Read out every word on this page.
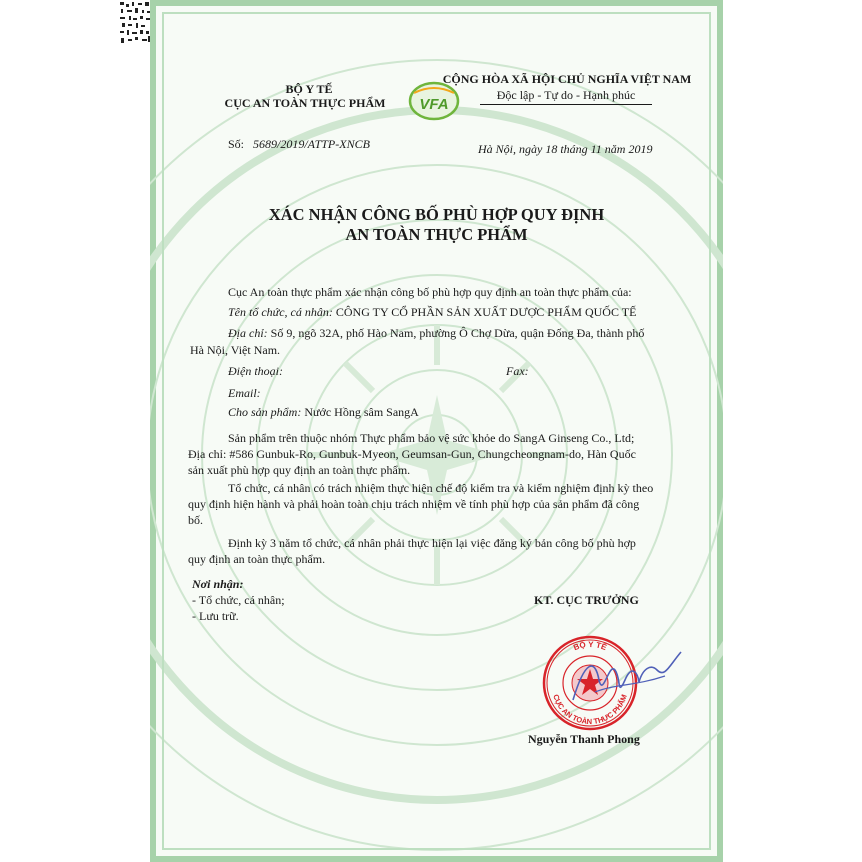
VFA
BỘ Y TẾ
CỤC AN TOÀN THỰC PHẨM
CỘNG HÒA XÃ HỘI CHỦ NGHĨA VIỆT NAM
Độc lập - Tự do - Hạnh phúc
Số: 5689/2019/ATTP-XNCB	Hà Nội, ngày 18 tháng 11 năm 2019
XÁC NHẬN CÔNG BỐ PHÙ HỢP QUY ĐỊNH
AN TOÀN THỰC PHẨM
Cục An toàn thực phẩm xác nhận công bố phù hợp quy định an toàn thực phẩm của:
Tên tổ chức, cá nhân: CÔNG TY CỔ PHẦN SẢN XUẤT DƯỢC PHẨM QUỐC TẾ
Địa chỉ: Số 9, ngõ 32A, phố Hào Nam, phường Ô Chợ Dừa, quận Đống Đa, thành phố
Hà Nội, Việt Nam.
Điện thoại:	Fax:
Email:
Cho sản phẩm: Nước Hồng sâm SangA
Sản phẩm trên thuộc nhóm Thực phẩm bảo vệ sức khỏe do SangA Ginseng Co., Ltd;
Địa chỉ: #586 Gunbuk-Ro, Gunbuk-Myeon, Geumsan-Gun, Chungcheongnam-do, Hàn Quốc
sản xuất phù hợp quy định an toàn thực phẩm.
Tổ chức, cá nhân có trách nhiệm thực hiện chế độ kiểm tra và kiểm nghiệm định kỳ theo
quy định hiện hành và phải hoàn toàn chịu trách nhiệm về tính phù hợp của sản phẩm đã công
bố.
Định kỳ 3 năm tổ chức, cá nhân phải thực hiện lại việc đăng ký bản công bố phù hợp
quy định an toàn thực phẩm.
Nơi nhận:
- Tổ chức, cá nhân;
- Lưu trữ.
KT. CỤC TRƯỞNG
Nguyễn Thanh Phong
BỘ Y TẾ
CỤC AN TOÀN THỰC PHẨM
